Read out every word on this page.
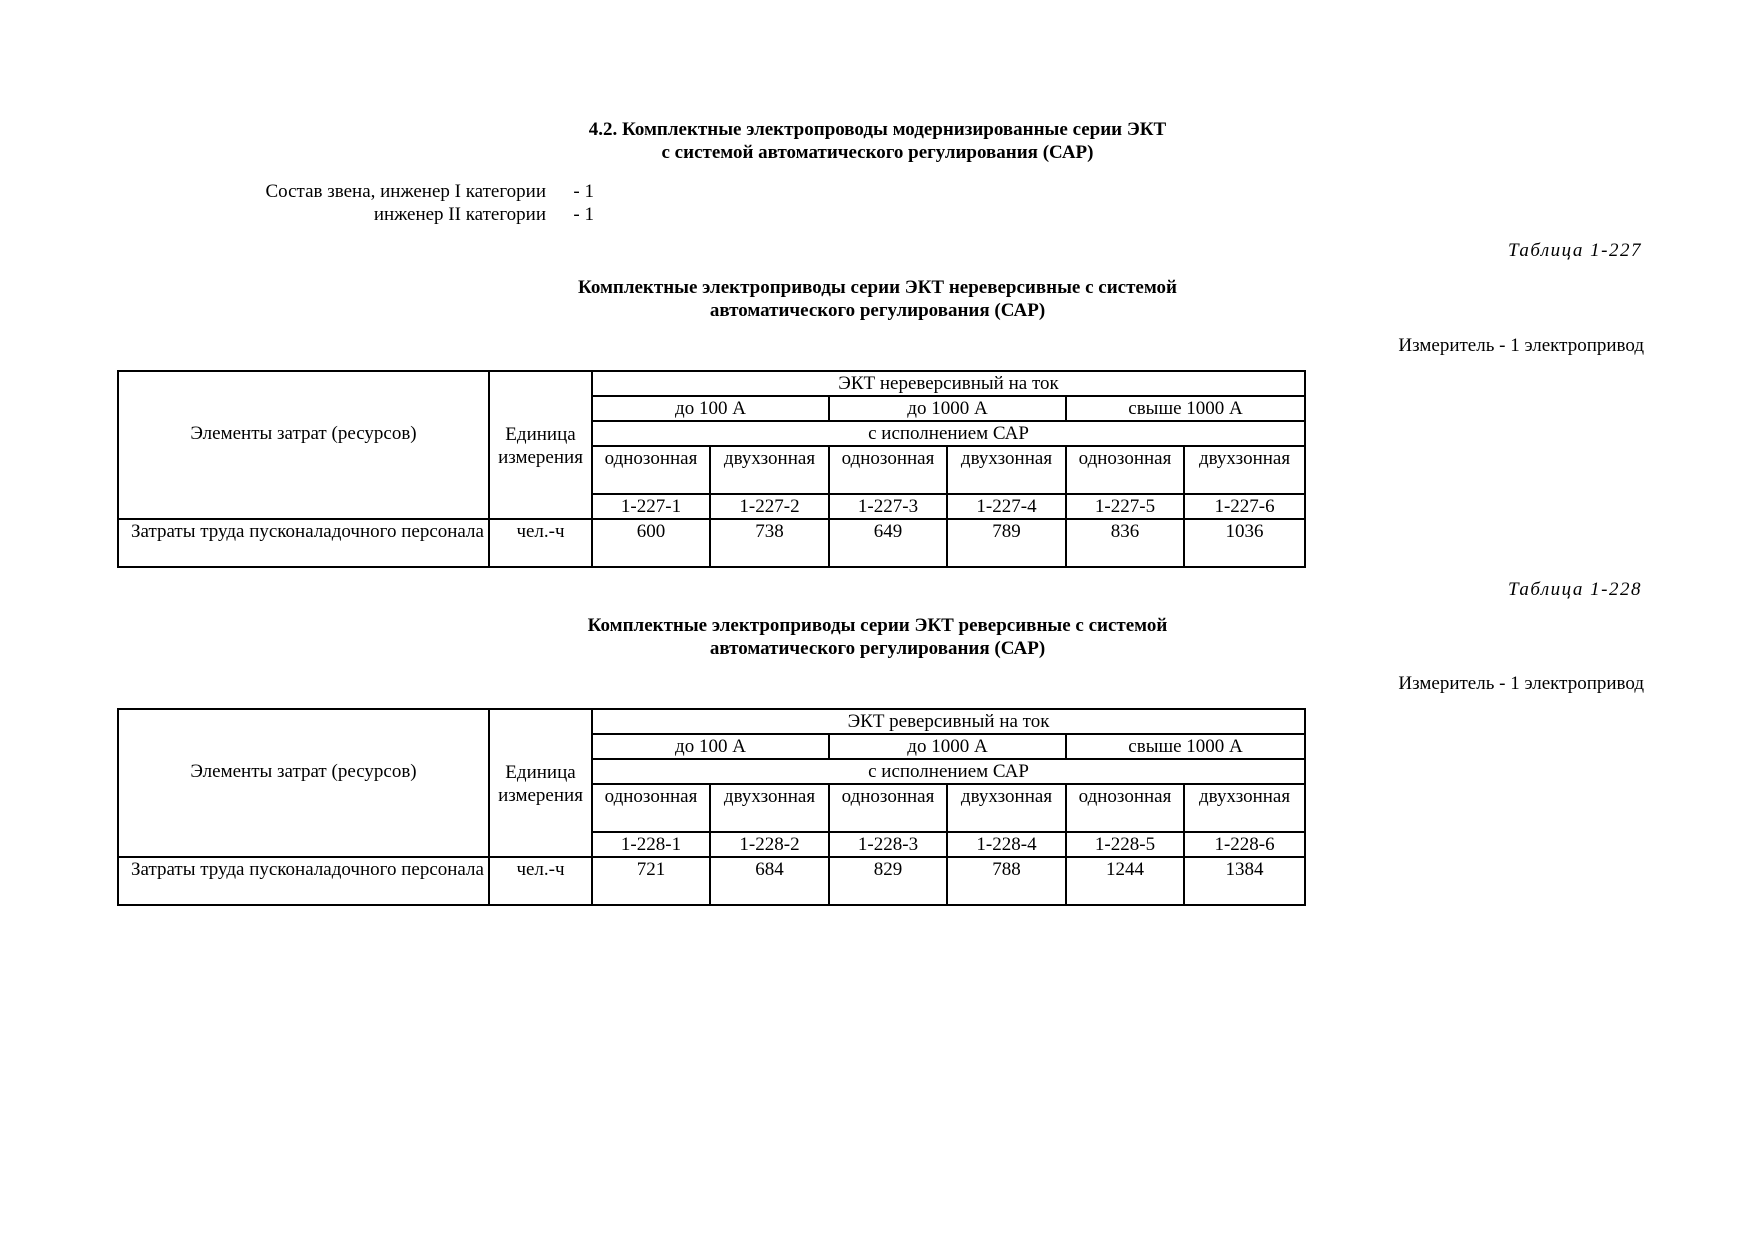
4.2. Комплектные электропроводы модернизированные серии ЭКТ
с системой автоматического регулирования (САР)
Состав звена, инженер I категории - 1
инженер II категории - 1
Таблица 1-227
Комплектные электроприводы серии ЭКТ нереверсивные с системой
автоматического регулирования (САР)
Измеритель - 1 электропривод
Элементы затрат (ресурсов)	Единица измерения	ЭКТ нереверсивный на ток					
		до 100 А		до 1000 А		свыше 1000 А	
		с исполнением САР					
		однозонная	двухзонная	однозонная	двухзонная	однозонная	двухзонная
		1-227-1	1-227-2	1-227-3	1-227-4	1-227-5	1-227-6
Затраты труда пусконаладочного персонала	чел.-ч	600	738	649	789	836	1036
Таблица 1-228
Комплектные электроприводы серии ЭКТ реверсивные с системой
автоматического регулирования (САР)
Измеритель - 1 электропривод
Элементы затрат (ресурсов)	Единица измерения	ЭКТ реверсивный на ток					
		до 100 А		до 1000 А		свыше 1000 А	
		с исполнением САР					
		однозонная	двухзонная	однозонная	двухзонная	однозонная	двухзонная
		1-228-1	1-228-2	1-228-3	1-228-4	1-228-5	1-228-6
Затраты труда пусконаладочного персонала	чел.-ч	721	684	829	788	1244	1384
